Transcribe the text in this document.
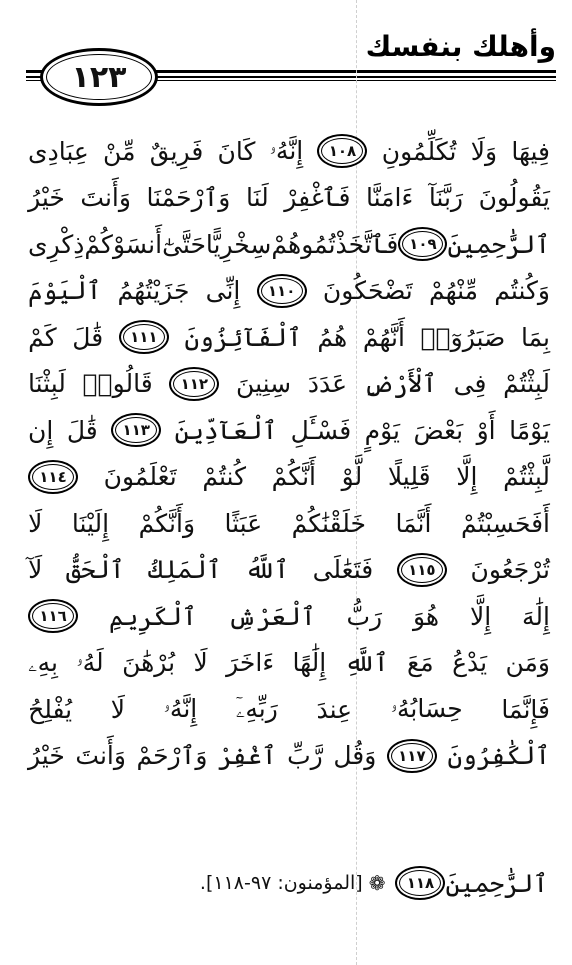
وأهلك بنفسك
١٢٣
فِيهَا
وَلَا
تُكَلِّمُونِ
١٠٨
إِنَّهُۥ
كَانَ
فَرِيقٌ
مِّنْ
عِبَادِى
يَقُولُونَ
رَبَّنَآ
ءَامَنَّا
فَٱغْفِرْ
لَنَا
وَٱرْحَمْنَا
وَأَنتَ
خَيْرُ
ٱلرَّٰحِمِينَ
١٠٩
فَٱتَّخَذْتُمُوهُمْ
سِخْرِيًّا
حَتَّىٰٓ
أَنسَوْكُمْ
ذِكْرِى
وَكُنتُم
مِّنْهُمْ
تَضْحَكُونَ
١١٠
إِنِّى
جَزَيْتُهُمُ
ٱلْيَوْمَ
بِمَا
صَبَرُوٓا۟
أَنَّهُمْ
هُمُ
ٱلْفَآئِزُونَ
١١١
قَٰلَ
كَمْ
لَبِثْتُمْ
فِى
ٱلْأَرْضِ
عَدَدَ
سِنِينَ
١١٢
قَالُوا۟
لَبِثْنَا
يَوْمًا
أَوْ
بَعْضَ
يَوْمٍ
فَسْـَٔلِ
ٱلْعَآدِّينَ
١١٣
قَٰلَ
إِن
لَّبِثْتُمْ
إِلَّا
قَلِيلًا
لَّوْ
أَنَّكُمْ
كُنتُمْ
تَعْلَمُونَ
١١٤
أَفَحَسِبْتُمْ
أَنَّمَا
خَلَقْنَٰكُمْ
عَبَثًا
وَأَنَّكُمْ
إِلَيْنَا
لَا
تُرْجَعُونَ
١١٥
فَتَعَٰلَى
ٱللَّهُ
ٱلْمَلِكُ
ٱلْحَقُّ
لَآ
إِلَٰهَ
إِلَّا
هُوَ
رَبُّ
ٱلْعَرْشِ
ٱلْكَرِيمِ
١١٦
وَمَن
يَدْعُ
مَعَ
ٱللَّهِ
إِلَٰهًا
ءَاخَرَ
لَا
بُرْهَٰنَ
لَهُۥ
بِهِۦ
فَإِنَّمَا
حِسَابُهُۥ
عِندَ
رَبِّهِۦٓ
إِنَّهُۥ
لَا
يُفْلِحُ
ٱلْكَٰفِرُونَ
١١٧
وَقُل
رَّبِّ
ٱغْفِرْ
وَٱرْحَمْ
وَأَنتَ
خَيْرُ
ٱلرَّٰحِمِينَ
١١٨
❁
[المؤمنون: ٩٧-١١٨].
